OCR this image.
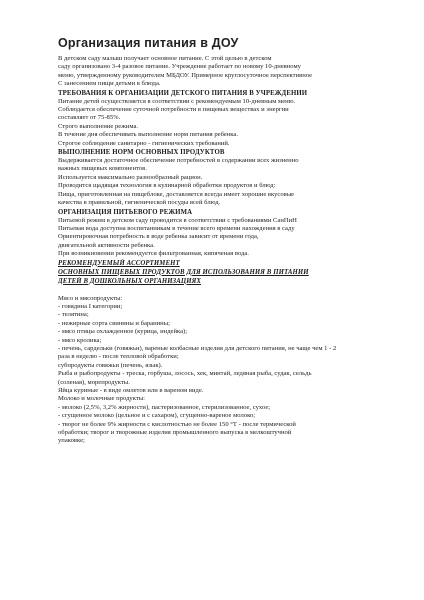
Организация питания в ДОУ
В детском саду малыш получает основное питание. С этой целью в детском
саду организовано 3-4 разовое питание. Учреждение работает по новому 10-дневному
меню, утвержденному руководителем МБДОУ. Примерное круглосуточное перспективное
С занесением пищи детьми в блюда.
ТРЕБОВАНИЯ К ОРГАНИЗАЦИИ ДЕТСКОГО ПИТАНИЯ В УЧРЕЖДЕНИИ
Питание детей осуществляется в соответствии с рекомендуемым 10-дневным меню.
Соблюдается обеспечение суточной потребности в пищевых веществах и энергии
составляет от 75-85%.
Строго выполнение режима.
В течение дня обеспечивать выполнение норм питания ребенка.
Строгое соблюдение санитарно - гигиенических требований.
ВЫПОЛНЕНИЕ НОРМ ОСНОВНЫХ ПРОДУКТОВ
Выдерживается достаточное обеспечение потребностей в содержании всех жизненно
важных пищевых компонентов.
Используется максимально разнообразный рацион.
Проводится щадящая технология в кулинарной обработки продуктов и блюд:
Пища, приготовленная на пищеблоке, доставляется всегда имеет хорошие вкусовые
качества в правильной, гигиенической посуды всей блюд.
ОРГАНИЗАЦИЯ ПИТЬЕВОГО РЕЖИМА
Питьевой режим в детском саду проводится в соответствии с требованиями СанПиН
Питьевая вода доступна воспитанникам в течение всего времени нахождения в саду
Ориентировочная потребность в воде ребенка зависит от времени года,
двигательной активности ребенка.
При возникновении рекомендуется фильтрованная, кипяченая вода.
РЕКОМЕНДУЕМЫЙ АССОРТИМЕНТ
ОСНОВНЫХ ПИЩЕВЫХ ПРОДУКТОВ ДЛЯ ИСПОЛЬЗОВАНИЯ В ПИТАНИИ
ДЕТЕЙ В ДОШКОЛЬНЫХ ОРГАНИЗАЦИЯХ
Мясо и мясопродукты:
- говядина I категории;
- телятина;
- нежирные сорта свинины и баранины;
- мясо птицы охлажденное (курица, индейка);
- мясо кролика;
- печень, сардельки (говяжьи), вареные колбасные изделия для детского питания, не чаще чем 1 - 2
раза в неделю - после тепловой обработки;
субпродукты говяжьи (печень, язык).
Рыба и рыбопродукты - треска, горбуша, лосось, хек, минтай, ледяная рыба, судак, сельдь
(соленая), морепродукты.
Яйца куриные - в виде омлетов или в вареном виде.
Молоко и молочные продукты:
- молоко (2,5%, 3,2% жирности), пастеризованное, стерилизованное, сухое;
- сгущенное молоко (цельное и с сахаром), сгущенно-вареное молоко;
- творог не более 9% жирности с кислотностью не более 150 °Т - после термической
обработки; творог и творожные изделия промышленного выпуска в мелкоштучной
упаковке;
